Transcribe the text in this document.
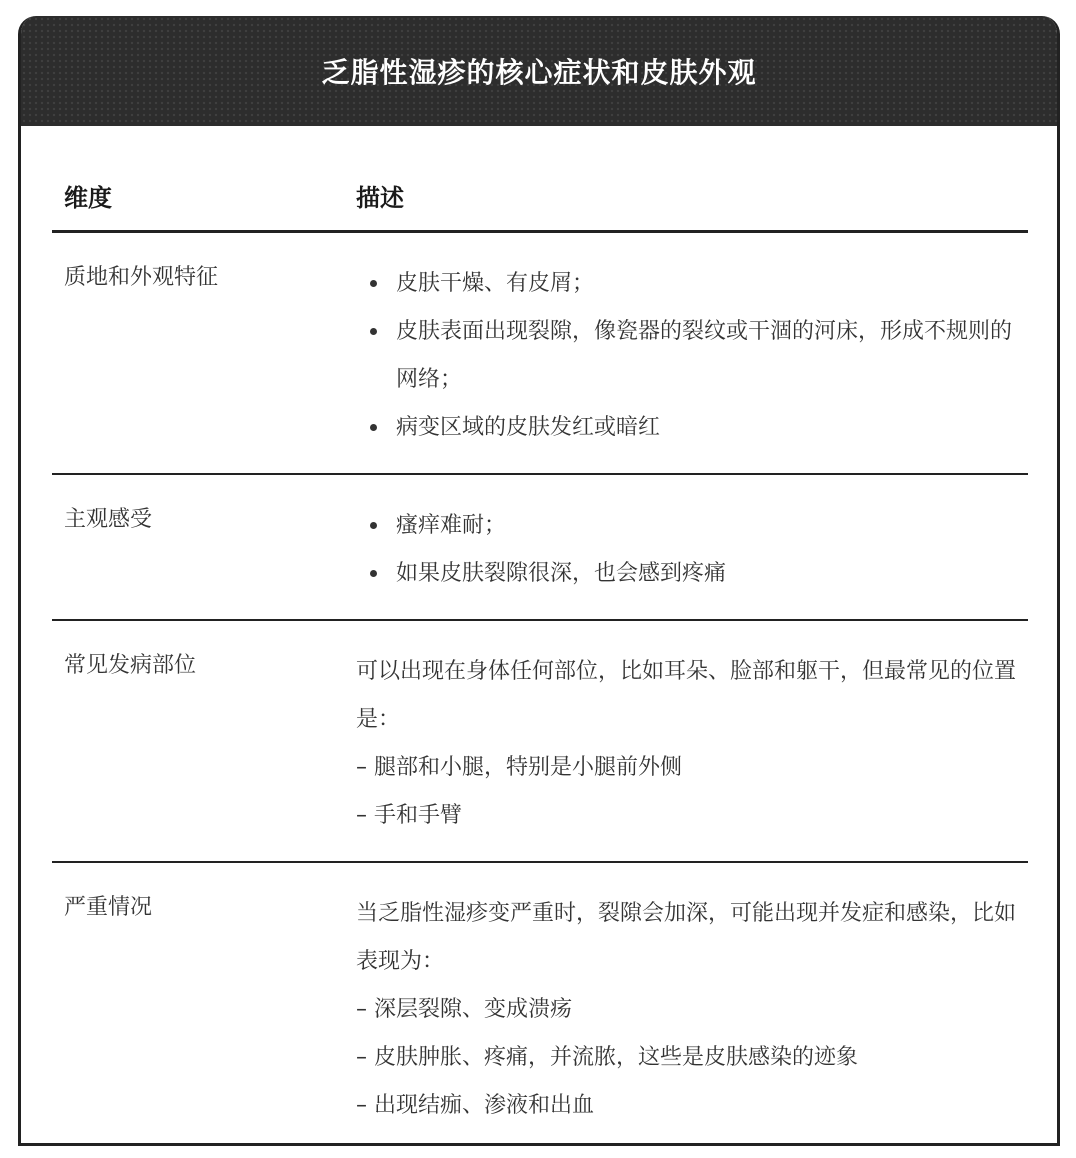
乏脂性湿疹的核心症状和皮肤外观
维度	描述
质地和外观特征	皮肤干燥、有皮屑；
皮肤表面出现裂隙，像瓷器的裂纹或干涸的河床，形成不规则的网络；
病变区域的皮肤发红或暗红
主观感受	瘙痒难耐；
如果皮肤裂隙很深，也会感到疼痛
常见发病部位	可以出现在身体任何部位，比如耳朵、脸部和躯干，但最常见的位置是：

– 腿部和小腿，特别是小腿前外侧

– 手和手臂

严重情况	当乏脂性湿疹变严重时，裂隙会加深，可能出现并发症和感染，比如表现为：

– 深层裂隙、变成溃疡

– 皮肤肿胀、疼痛，并流脓，这些是皮肤感染的迹象

– 出现结痂、渗液和出血
